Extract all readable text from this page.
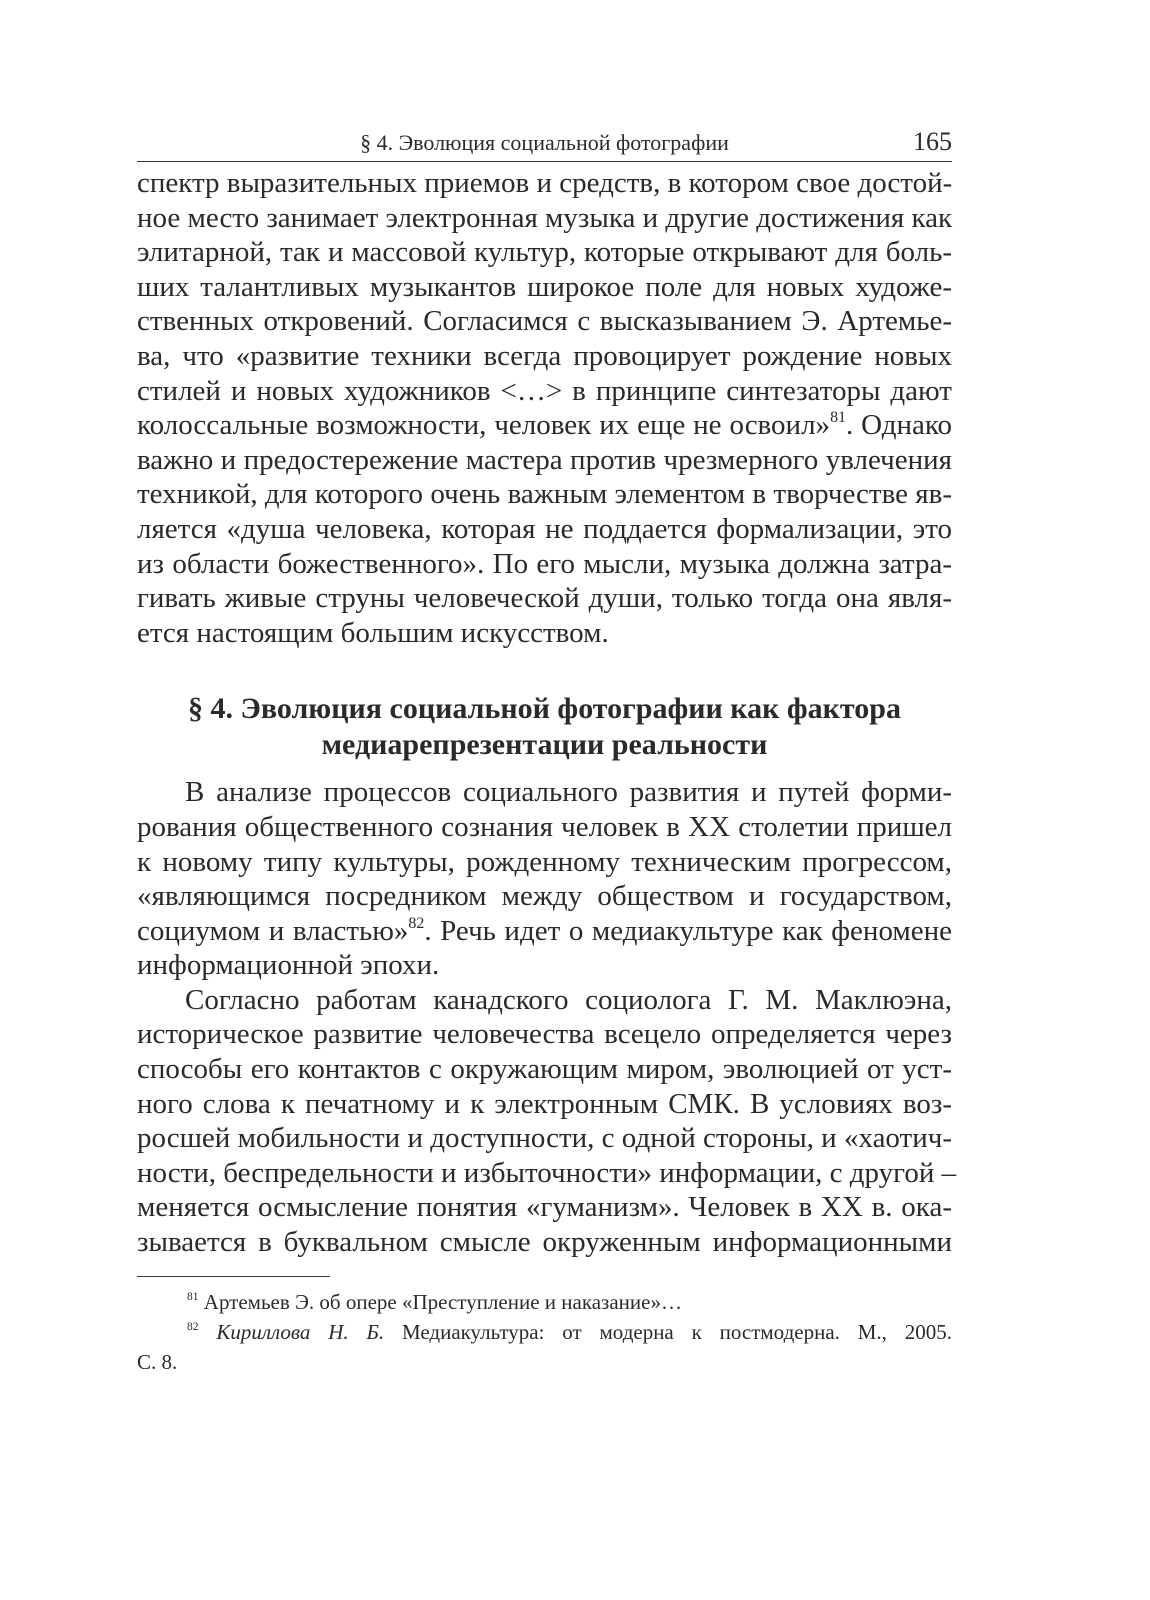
§ 4. Эволюция социальной фотографии	165
спектр выразительных приемов и средств, в котором свое достой-
ное место занимает электронная музыка и другие достижения как
элитарной, так и массовой культур, которые открывают для боль-
ших талантливых музыкантов широкое поле для новых художе-
ственных откровений. Согласимся с высказыванием Э. Артемье-
ва, что «развитие техники всегда провоцирует рождение новых
стилей и новых художников <…> в принципе синтезаторы дают
колоссальные возможности, человек их еще не освоил»$^{81}$. Однако
важно и предостережение мастера против чрезмерного увлечения
техникой, для которого очень важным элементом в творчестве яв-
ляется «душа человека, которая не поддается формализации, это
из области божественного». По его мысли, музыка должна затра-
гивать живые струны человеческой души, только тогда она явля-
ется настоящим большим искусством.
§ 4. Эволюция социальной фотографии как фактора
медиарепрезентации реальности
В анализе процессов социального развития и путей форми-
рования общественного сознания человек в XX столетии пришел
к новому типу культуры, рожденному техническим прогрессом,
«являющимся посредником между обществом и государством,
социумом и властью»$^{82}$. Речь идет о медиакультуре как феномене
информационной эпохи.
Согласно работам канадского социолога Г. М. Маклюэна,
историческое развитие человечества всецело определяется через
способы его контактов с окружающим миром, эволюцией от уст-
ного слова к печатному и к электронным СМК. В условиях воз-
росшей мобильности и доступности, с одной стороны, и «хаотич-
ности, беспредельности и избыточности» информации, с другой –
меняется осмысление понятия «гуманизм». Человек в XX в. ока-
зывается в буквальном смысле окруженным информационными
$^{81}$ Артемьев Э. об опере «Преступление и наказание»…
$^{82}$ Кириллова Н. Б. Медиакультура: от модерна к постмодерна. М., 2005.
С. 8.
